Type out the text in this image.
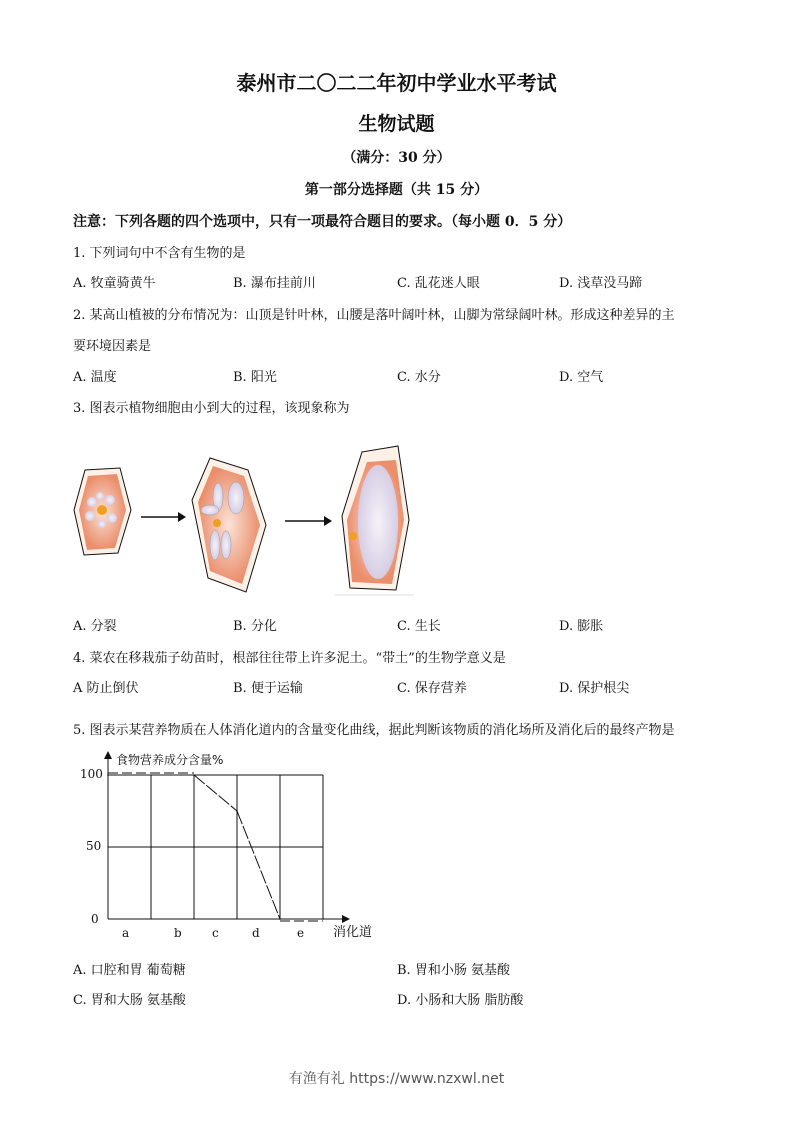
泰州市二〇二二年初中学业水平考试
生物试题
（满分：30 分）
第一部分选择题（共 15 分）
注意：下列各题的四个选项中，只有一项最符合题目的要求。（每小题 0．5 分）
1. 下列词句中不含有生物的是
A. 牧童骑黄牛	B. 瀑布挂前川	C. 乱花迷人眼	D. 浅草没马蹄
2. 某高山植被的分布情况为：山顶是针叶林，山腰是落叶阔叶林，山脚为常绿阔叶林。形成这种差异的主
要环境因素是
A. 温度	B. 阳光	C. 水分	D. 空气
3. 图表示植物细胞由小到大的过程，该现象称为
A. 分裂	B. 分化	C. 生长	D. 膨胀
4. 菜农在移栽茄子幼苗时，根部往往带上许多泥土。“带土”的生物学意义是
A 防止倒伏	B. 便于运输	C. 保存营养	D. 保护根尖
5. 图表示某营养物质在人体消化道内的含量变化曲线，据此判断该物质的消化场所及消化后的最终产物是
食物营养成分含量%
100
50
0
a	b	c	d	e 消化道
A. 口腔和胃 葡萄糖	B. 胃和小肠 氨基酸
C. 胃和大肠 氨基酸	D. 小肠和大肠 脂肪酸
有渔有礼 https://www.nzxwl.net
